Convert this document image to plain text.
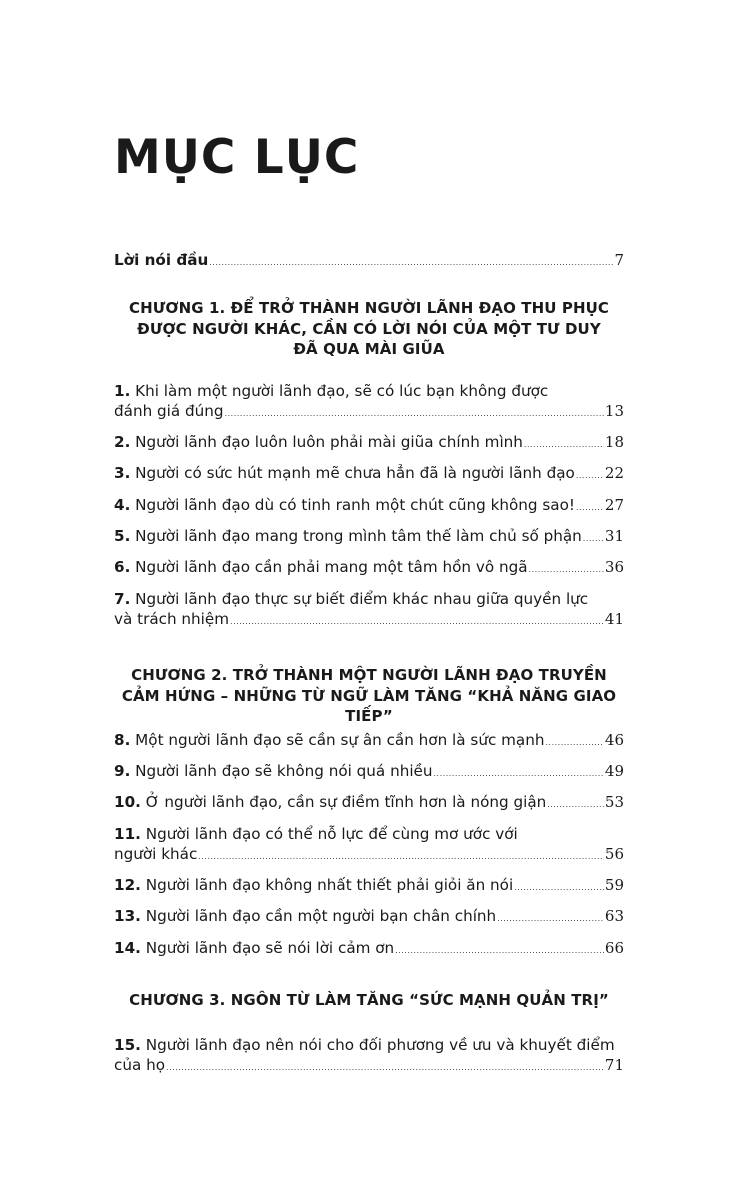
MỤC LỤC
Lời nói đầu .....	7
CHƯƠNG 1. ĐỂ TRỞ THÀNH NGƯỜI LÃNH ĐẠO THU PHỤC
ĐƯỢC NGƯỜI KHÁC, CẦN CÓ LỜI NÓI CỦA MỘT TƯ DUY
ĐÃ QUA MÀI GIŨA
1. Khi làm một người lãnh đạo, sẽ có lúc bạn không được
đánh giá đúng .....	13
2. Người lãnh đạo luôn luôn phải mài giũa chính mình .....	18
3. Người có sức hút mạnh mẽ chưa hẳn đã là người lãnh đạo ..... 22
4. Người lãnh đạo dù có tinh ranh một chút cũng không sao! ..... 27
5. Người lãnh đạo mang trong mình tâm thế làm chủ số phận ..... 31
6. Người lãnh đạo cần phải mang một tâm hồn vô ngã .....	36
7. Người lãnh đạo thực sự biết điểm khác nhau giữa quyền lực
và trách nhiệm .....	41
CHƯƠNG 2. TRỞ THÀNH MỘT NGƯỜI LÃNH ĐẠO TRUYỀN
CẢM HỨNG – NHỮNG TỪ NGỮ LÀM TĂNG “KHẢ NĂNG GIAO TIẾP”
8. Một người lãnh đạo sẽ cần sự ân cần hơn là sức mạnh .....	46
9. Người lãnh đạo sẽ không nói quá nhiều .....	49
10. Ở người lãnh đạo, cần sự điềm tĩnh hơn là nóng giận .....	53
11. Người lãnh đạo có thể nỗ lực để cùng mơ ước với
người khác .....	56
12. Người lãnh đạo không nhất thiết phải giỏi ăn nói .....	59
13. Người lãnh đạo cần một người bạn chân chính .....	63
14. Người lãnh đạo sẽ nói lời cảm ơn .....	66
CHƯƠNG 3. NGÔN TỪ LÀM TĂNG “SỨC MẠNH QUẢN TRỊ”
15. Người lãnh đạo nên nói cho đối phương về ưu và khuyết điểm
của họ .....	71
